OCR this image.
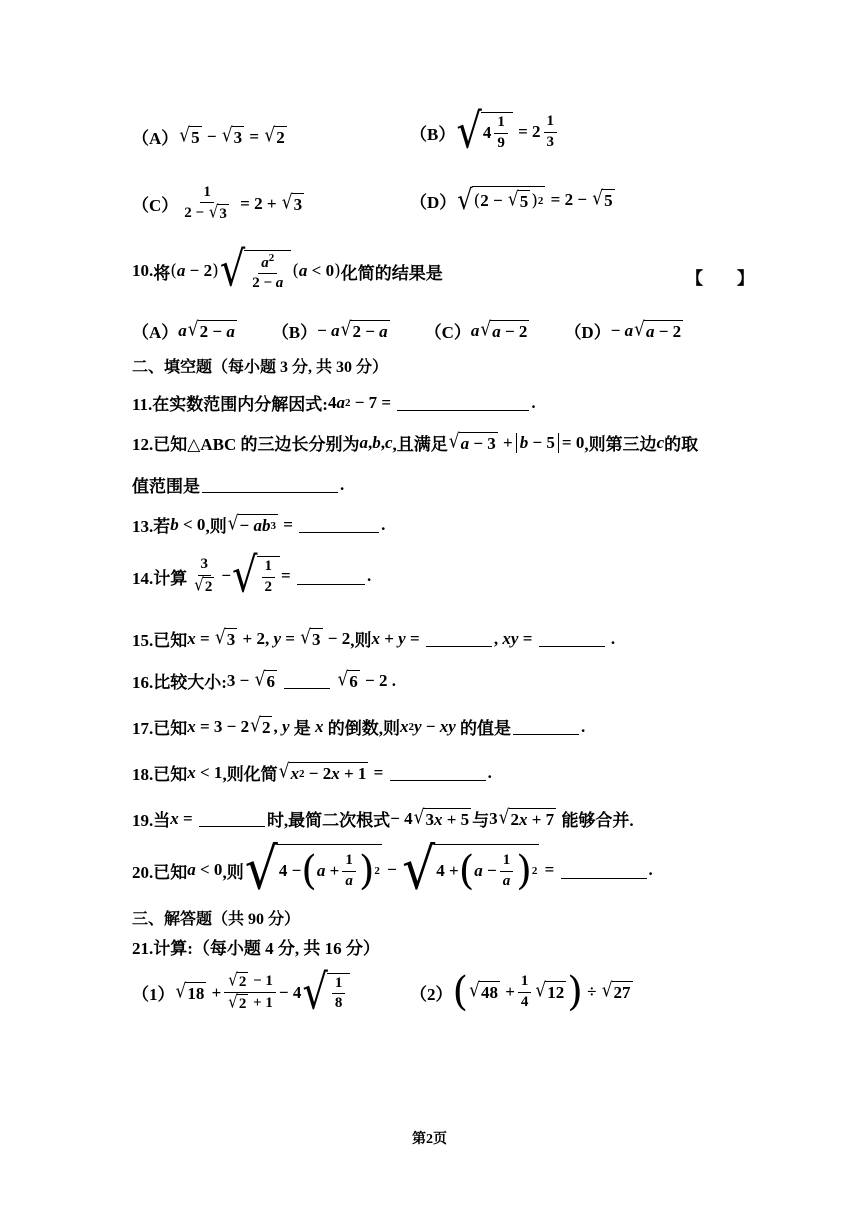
（A） √ 5 − √ 3 = √ 2	（B） √ $4 \frac{1}{9} = 2 \frac{1}{3}$
$(C) \frac{1}{2 - √ 3} = 2$ + √ 3	（D） √ ( 2 − √ 5 ) 2 = 2 − √ 5
10. 将 ( a − 2 ) √ $\frac{a^2}{2 - a}$ ( a < 0 ) 化简的结果是	【　　】
（A） a √ 2 − a （B） − a √ 2 − a （C） a √ a − 2 （D） − a √ a − 2
二、填空题（每小题 3 分, 共 30 分）
11.在实数范围内分解因式: 4 a 2 − 7 =	.
12.已知△ABC 的三边长分别为 a , b , c ,且满足 √ a − 3 + b − 5 = 0 ,则第三边 c 的取
值范围是	.
13.若 b < 0 ,则 √ − ab 3 =	.
14.计算 $\frac{3}{√ 2}$ − √ $\frac{1}{2}$ =	.
15.已知 x = √ 3 + 2, y = √ 3 − 2 ,则 x + y =	, xy =	.
16.比较大小: 3 − √ 6

	√ 6 − 2 .
17.已知 x = 3 − 2 √ 2 , y
是
x
的倒数,则 x 2 y − xy
的值是	.
18.已知 x < 1 ,则化简 √ x 2 − 2 x + 1 =	.
19.当 x =	时,最简二次根式 − 4 √ 3 x + 5 与 3 √ 2 x + 7
能够合并.
20.已知 a < 0 ,则 √ 4 − ( $a + \frac{1}{a}$ ) 2 − √ 4 + ( $a - \frac{1}{a}$ ) 2 =	.
三、解答题（共 90 分）
21.计算:（每小题 4 分, 共 16 分）
（1） √ $18 + \frac{√ 2 - 1}{√ 2 + 1} - 4$ √ $\frac{1}{8}$	（2） ( √ $48 + \frac{1}{4}$ √ 12 ) ÷ √ 27
第2页
